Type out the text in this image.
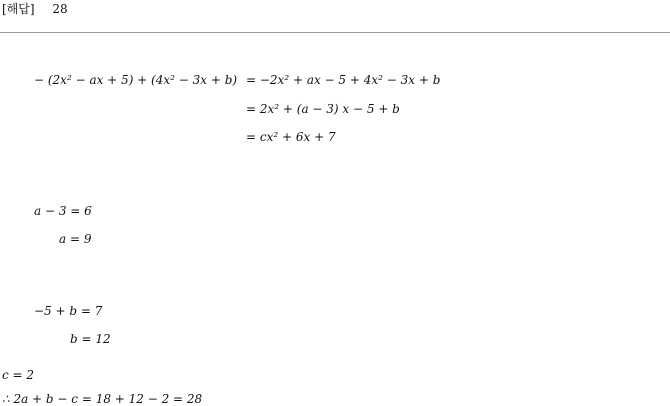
[해답] 28
− (2x² − ax + 5) + (4x² − 3x + b) = −2x² + ax − 5 + 4x² − 3x + b
= 2x² + (a − 3) x − 5 + b
= cx² + 6x + 7
a − 3 = 6
a = 9
−5 + b = 7
b = 12
c = 2
∴ 2a + b − c = 18 + 12 − 2 = 28
